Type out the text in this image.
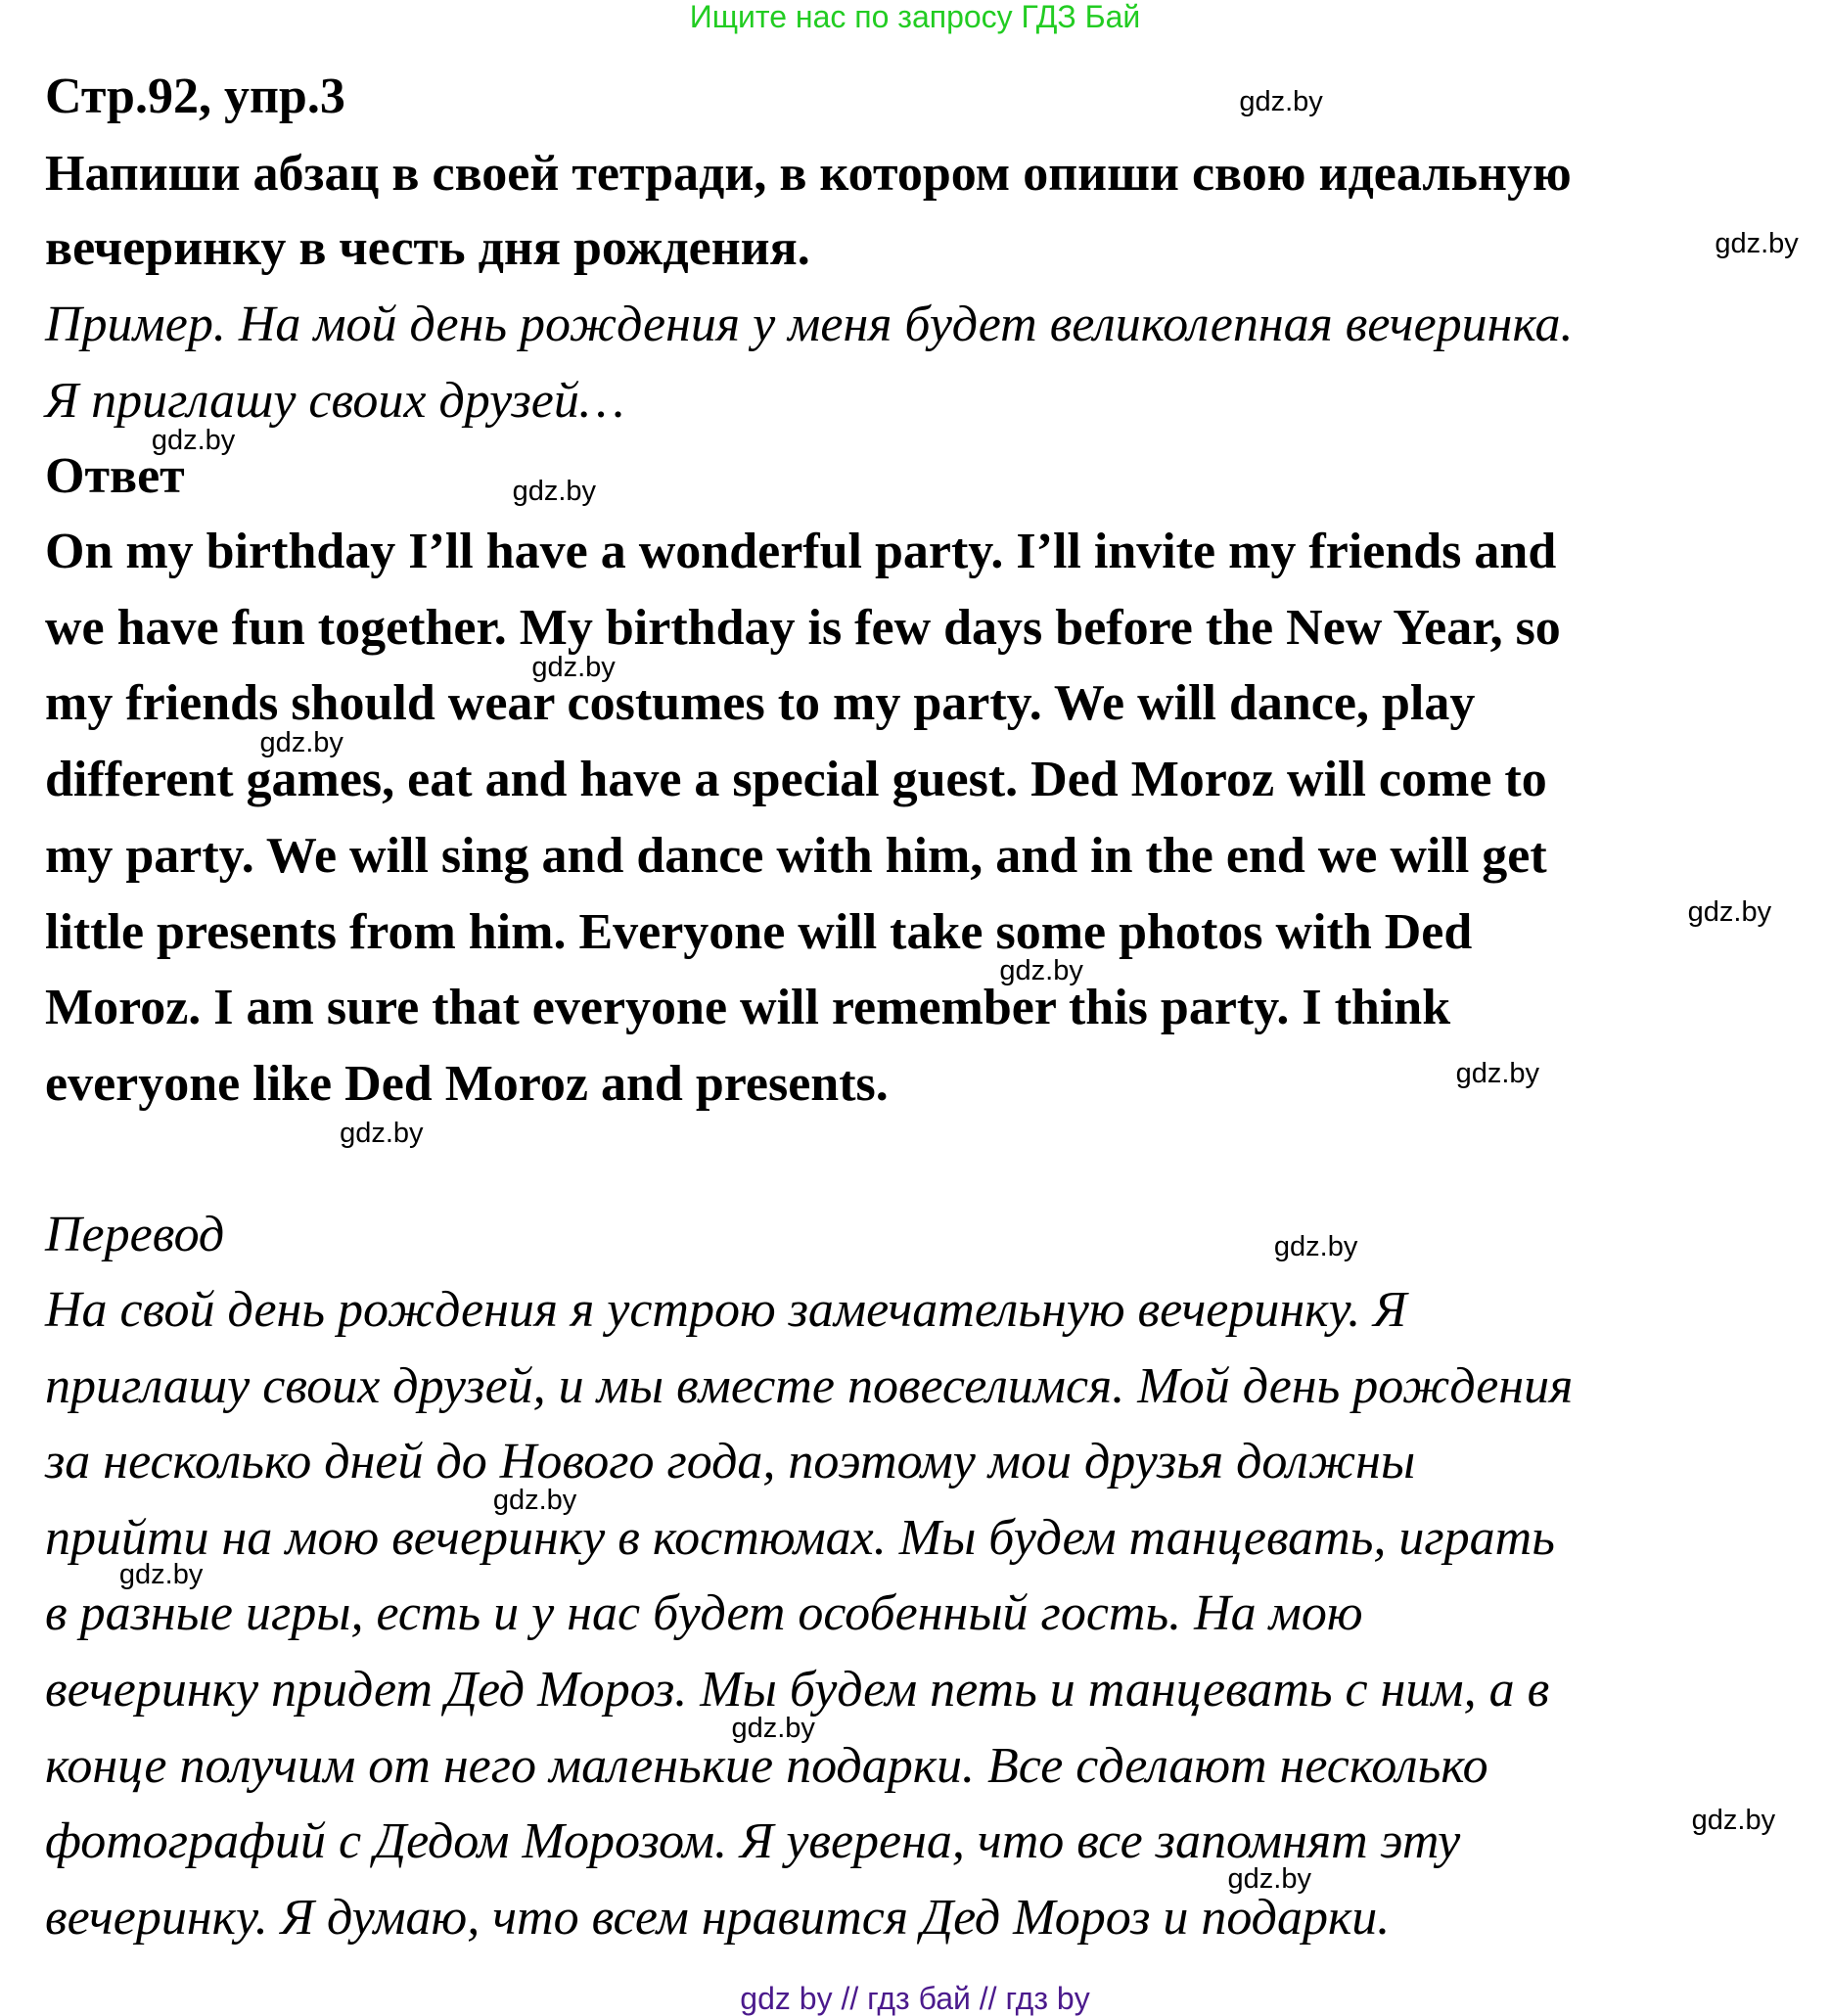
Ищите нас по запросу ГДЗ Бай
Стр.92, упр.3
Напиши абзац в своей тетради, в котором опиши свою идеальную
вечеринку в честь дня рождения.
Пример. На мой день рождения у меня будет великолепная вечеринка.
Я приглашу своих друзей…
Ответ
On my birthday I’ll have a wonderful party. I’ll invite my friends and
we have fun together. My birthday is few days before the New Year, so
my friends should wear costumes to my party. We will dance, play
different games, eat and have a special guest. Ded Moroz will come to
my party. We will sing and dance with him, and in the end we will get
little presents from him. Everyone will take some photos with Ded
Moroz. I am sure that everyone will remember this party. I think
everyone like Ded Moroz and presents.
Перевод
На свой день рождения я устрою замечательную вечеринку. Я
приглашу своих друзей, и мы вместе повеселимся. Мой день рождения
за несколько дней до Нового года, поэтому мои друзья должны
прийти на мою вечеринку в костюмах. Мы будем танцевать, играть
в разные игры, есть и у нас будет особенный гость. На мою
вечеринку придет Дед Мороз. Мы будем петь и танцевать с ним, а в
конце получим от него маленькие подарки. Все сделают несколько
фотографий с Дедом Морозом. Я уверена, что все запомнят эту
вечеринку. Я думаю, что всем нравится Дед Мороз и подарки.
gdz.by
gdz.by
gdz.by
gdz.by
gdz.by
gdz.by
gdz.by
gdz.by
gdz.by
gdz.by
gdz.by
gdz.by
gdz.by
gdz.by
gdz.by
gdz.by
gdz by // гдз бай // гдз by
